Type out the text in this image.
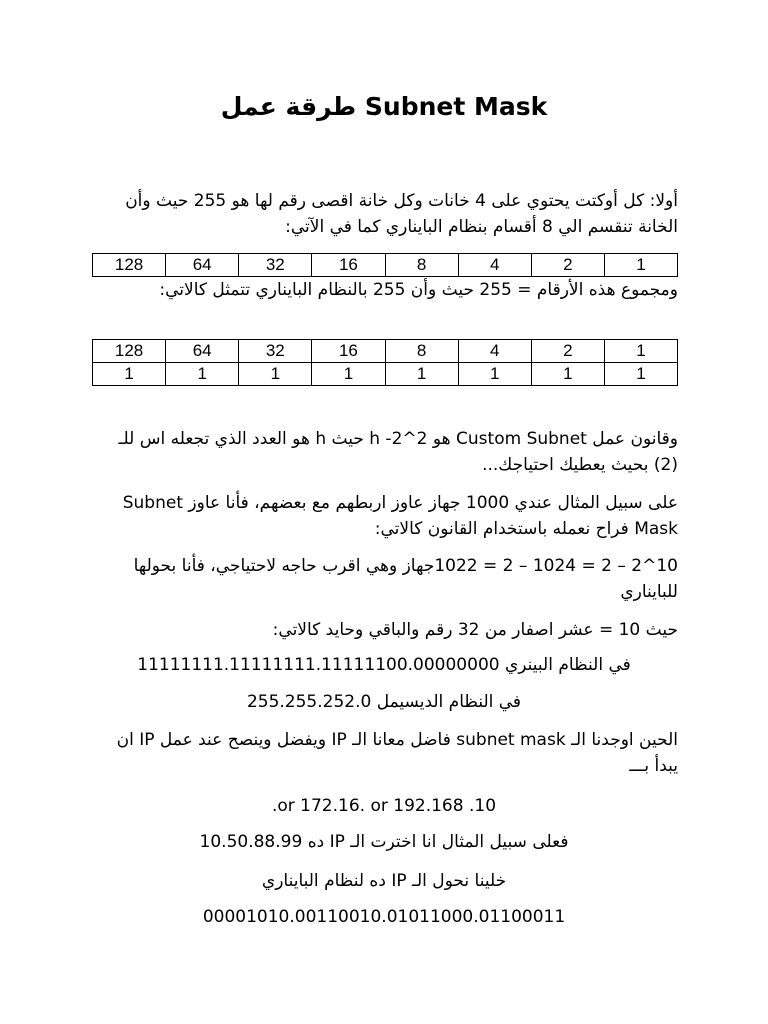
طرقة عمل Subnet Mask
أولا: كل أوكتت يحتوي على 4 خانات وكل خانة اقصى رقم لها هو 255 حيث وأن الخانة تنقسم الي 8 أقسام بنظام البايناري كما في الآتي:
1	2	4	8	16	32	64	128
ومجموع هذه الأرقام = 255 حيث وأن 255 بالنظام البايناري تتمثل كالاتي:
1	2	4	8	16	32	64	128
1	1	1	1	1	1	1	1
وقانون عمل Custom Subnet هو 2^h -2 حيث h هو العدد الذي تجعله اس للـ (2) بحيث يعطيك احتياجك...
على سبيل المثال عندي 1000 جهاز عاوز اربطهم مع بعضهم، فأنا عاوز Subnet Mask فراح نعمله باستخدام القانون كالاتي:
10^2 – 2 = 1024 – 2 = 1022جهاز وهي اقرب حاجه لاحتياجي، فأنا بحولها للبايناري
حيث 10 = عشر اصفار من 32 رقم والباقي وحايد كالاتي:
في النظام البينري 11111111.11111111.11111100.00000000
في النظام الديسيمل 255.255.252.0
الحين اوجدنا الـ subnet mask فاضل معانا الـ IP ويفضل وينصح عند عمل IP ان يبدأ بـــ
10. or 172.16. or 192.168.
فعلى سبيل المثال انا اخترت الـ IP ده 10.50.88.99
خلينا نحول الـ IP ده لنظام البايناري
00001010.00110010.01011000.01100011
